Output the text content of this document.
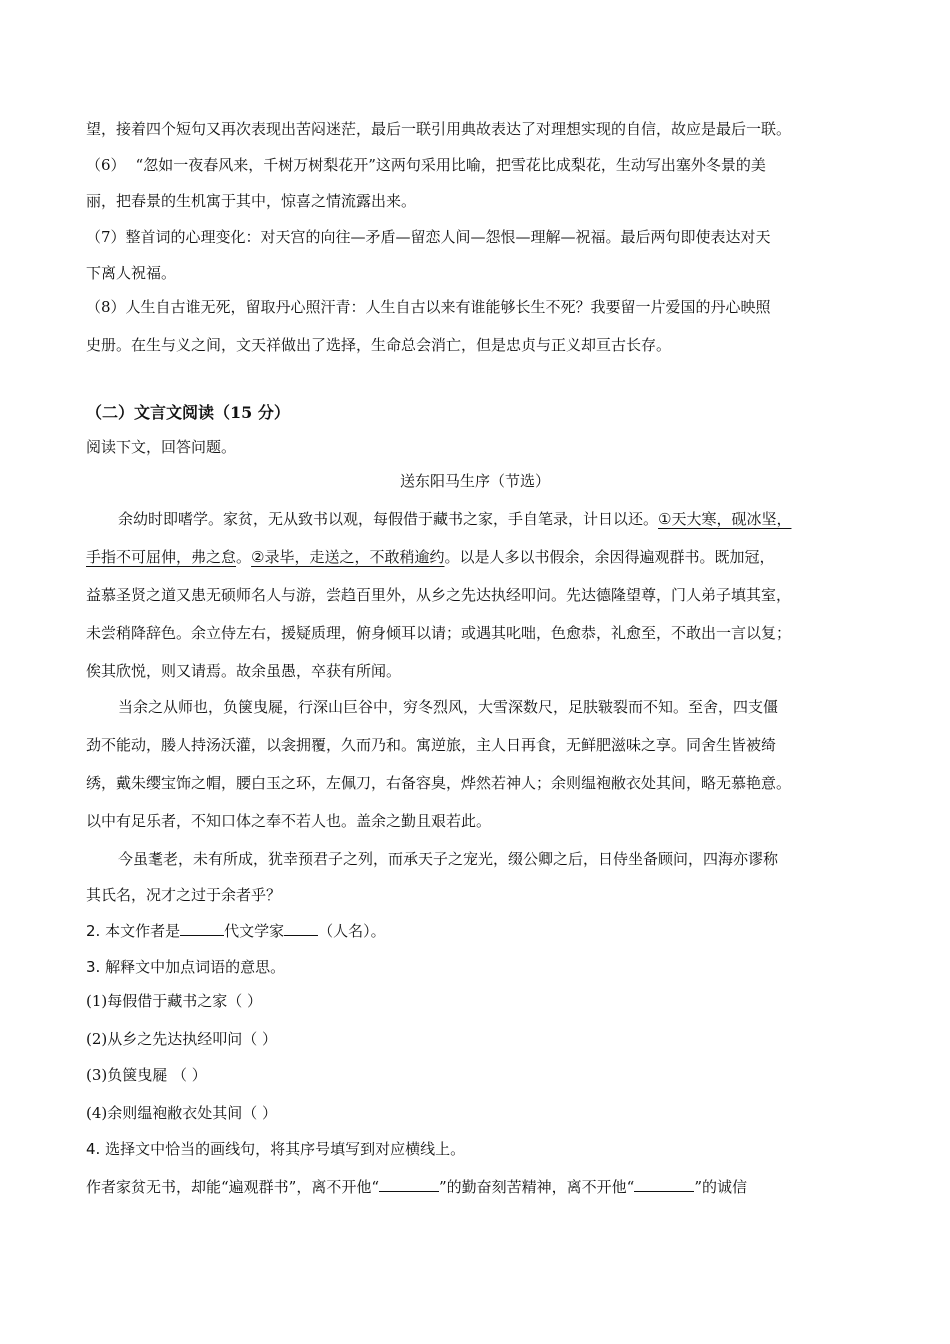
望，接着四个短句又再次表现出苦闷迷茫，最后一联引用典故表达了对理想实现的自信，故应是最后一联。
（6） “忽如一夜春风来，千树万树梨花开”这两句采用比喻，把雪花比成梨花，生动写出塞外冬景的美
丽，把春景的生机寓于其中，惊喜之情流露出来。
（7）整首词的心理变化：对天宫的向往—矛盾—留恋人间—怨恨—理解—祝福。最后两句即使表达对天
下离人祝福。
（8）人生自古谁无死，留取丹心照汗青：人生自古以来有谁能够长生不死？我要留一片爱国的丹心映照
史册。在生与义之间，文天祥做出了选择，生命总会消亡，但是忠贞与正义却亘古长存。
（二）文言文阅读（15 分）
阅读下文，回答问题。
送东阳马生序（节选）
余幼时即嗜学。家贫，无从致书以观，每假借于藏书之家，手自笔录，计日以还。①天大寒，砚冰坚，
手指不可屈伸，弗之怠。②录毕，走送之，不敢稍逾约。以是人多以书假余，余因得遍观群书。既加冠，
益慕圣贤之道又患无硕师名人与游，尝趋百里外，从乡之先达执经叩问。先达德隆望尊，门人弟子填其室，
未尝稍降辞色。余立侍左右，援疑质理，俯身倾耳以请；或遇其叱咄，色愈恭，礼愈至，不敢出一言以复；
俟其欣悦，则又请焉。故余虽愚，卒获有所闻。
当余之从师也，负箧曳屣，行深山巨谷中，穷冬烈风，大雪深数尺，足肤皲裂而不知。至舍，四支僵
劲不能动，媵人持汤沃灌，以衾拥覆，久而乃和。寓逆旅，主人日再食，无鲜肥滋味之享。同舍生皆被绮
绣，戴朱缨宝饰之帽，腰白玉之环，左佩刀，右备容臭，烨然若神人；余则缊袍敝衣处其间，略无慕艳意。
以中有足乐者，不知口体之奉不若人也。盖余之勤且艰若此。
今虽耄老，未有所成，犹幸预君子之列，而承天子之宠光，缀公卿之后，日侍坐备顾问，四海亦谬称
其氏名，况才之过于余者乎？
2. 本文作者是	代文学家 （人名）。
3. 解释文中加点词语的意思。
(1)每假借于藏书之家（ ）
(2)从乡之先达执经叩问（ ）
(3)负箧曳屣 （ ）
(4)余则缊袍敝衣处其间（ ）
4. 选择文中恰当的画线句，将其序号填写到对应横线上。
作者家贫无书，却能“遍观群书”，离不开他“	”的勤奋刻苦精神，离不开他“	”的诚信
